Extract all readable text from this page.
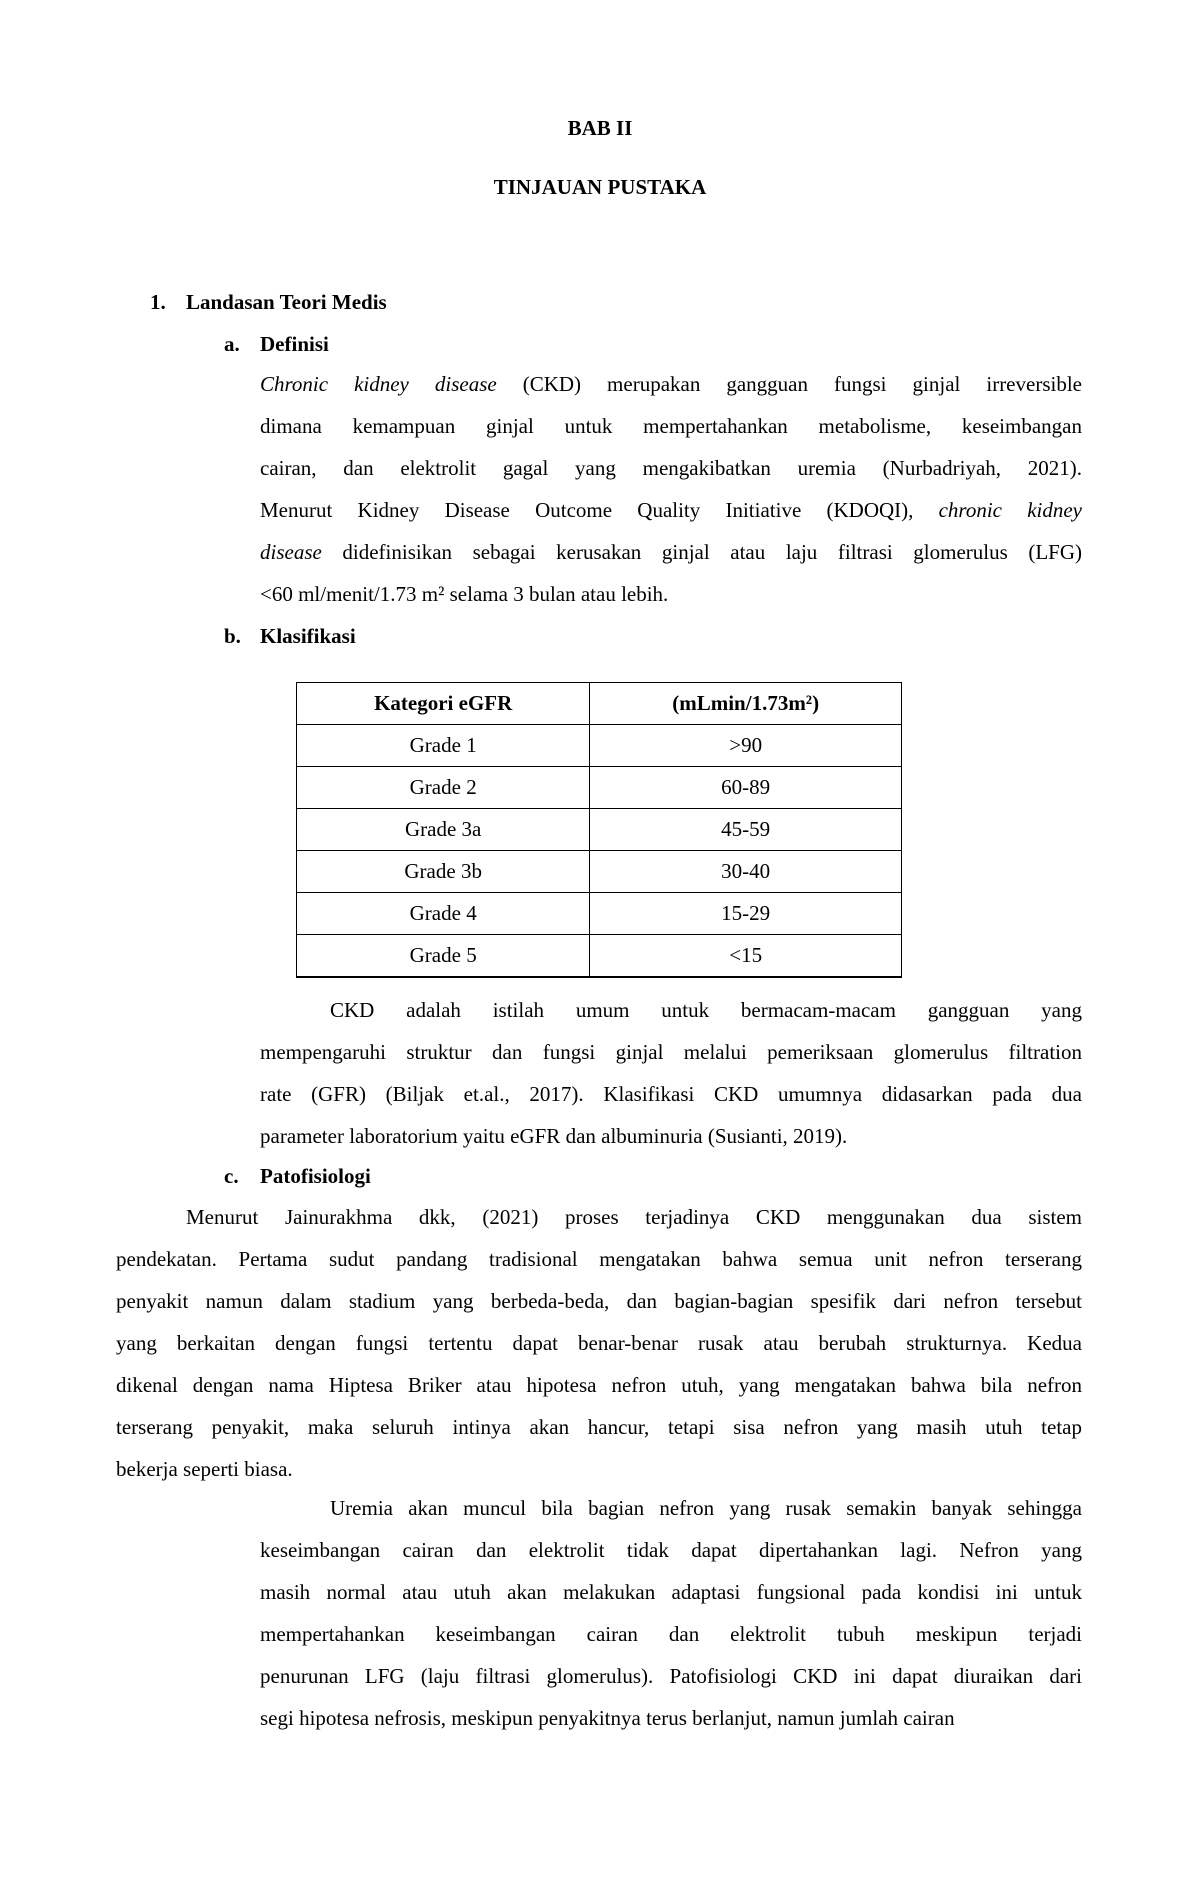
BAB II
TINJAUAN PUSTAKA
1. Landasan Teori Medis
a. Definisi
Chronic kidney disease (CKD) merupakan gangguan fungsi ginjal irreversible
dimana kemampuan ginjal untuk mempertahankan metabolisme, keseimbangan
cairan, dan elektrolit gagal yang mengakibatkan uremia (Nurbadriyah, 2021).
Menurut Kidney Disease Outcome Quality Initiative (KDOQI), chronic kidney
disease didefinisikan sebagai kerusakan ginjal atau laju filtrasi glomerulus (LFG)
<60 ml/menit/1.73 m² selama 3 bulan atau lebih.
b. Klasifikasi
Kategori eGFR	(mLmin/1.73m²)
Grade 1	>90
Grade 2	60-89
Grade 3a	45-59
Grade 3b	30-40
Grade 4	15-29
Grade 5	<15
CKD adalah istilah umum untuk bermacam-macam gangguan yang
mempengaruhi struktur dan fungsi ginjal melalui pemeriksaan glomerulus filtration
rate (GFR) (Biljak et.al., 2017). Klasifikasi CKD umumnya didasarkan pada dua
parameter laboratorium yaitu eGFR dan albuminuria (Susianti, 2019).
c. Patofisiologi
Menurut Jainurakhma dkk, (2021) proses terjadinya CKD menggunakan dua sistem
pendekatan. Pertama sudut pandang tradisional mengatakan bahwa semua unit nefron terserang
penyakit namun dalam stadium yang berbeda-beda, dan bagian-bagian spesifik dari nefron tersebut
yang berkaitan dengan fungsi tertentu dapat benar-benar rusak atau berubah strukturnya. Kedua
dikenal dengan nama Hiptesa Briker atau hipotesa nefron utuh, yang mengatakan bahwa bila nefron
terserang penyakit, maka seluruh intinya akan hancur, tetapi sisa nefron yang masih utuh tetap
bekerja seperti biasa.
Uremia akan muncul bila bagian nefron yang rusak semakin banyak sehingga
keseimbangan cairan dan elektrolit tidak dapat dipertahankan lagi. Nefron yang
masih normal atau utuh akan melakukan adaptasi fungsional pada kondisi ini untuk
mempertahankan keseimbangan cairan dan elektrolit tubuh meskipun terjadi
penurunan LFG (laju filtrasi glomerulus). Patofisiologi CKD ini dapat diuraikan dari
segi hipotesa nefrosis, meskipun penyakitnya terus berlanjut, namun jumlah cairan
